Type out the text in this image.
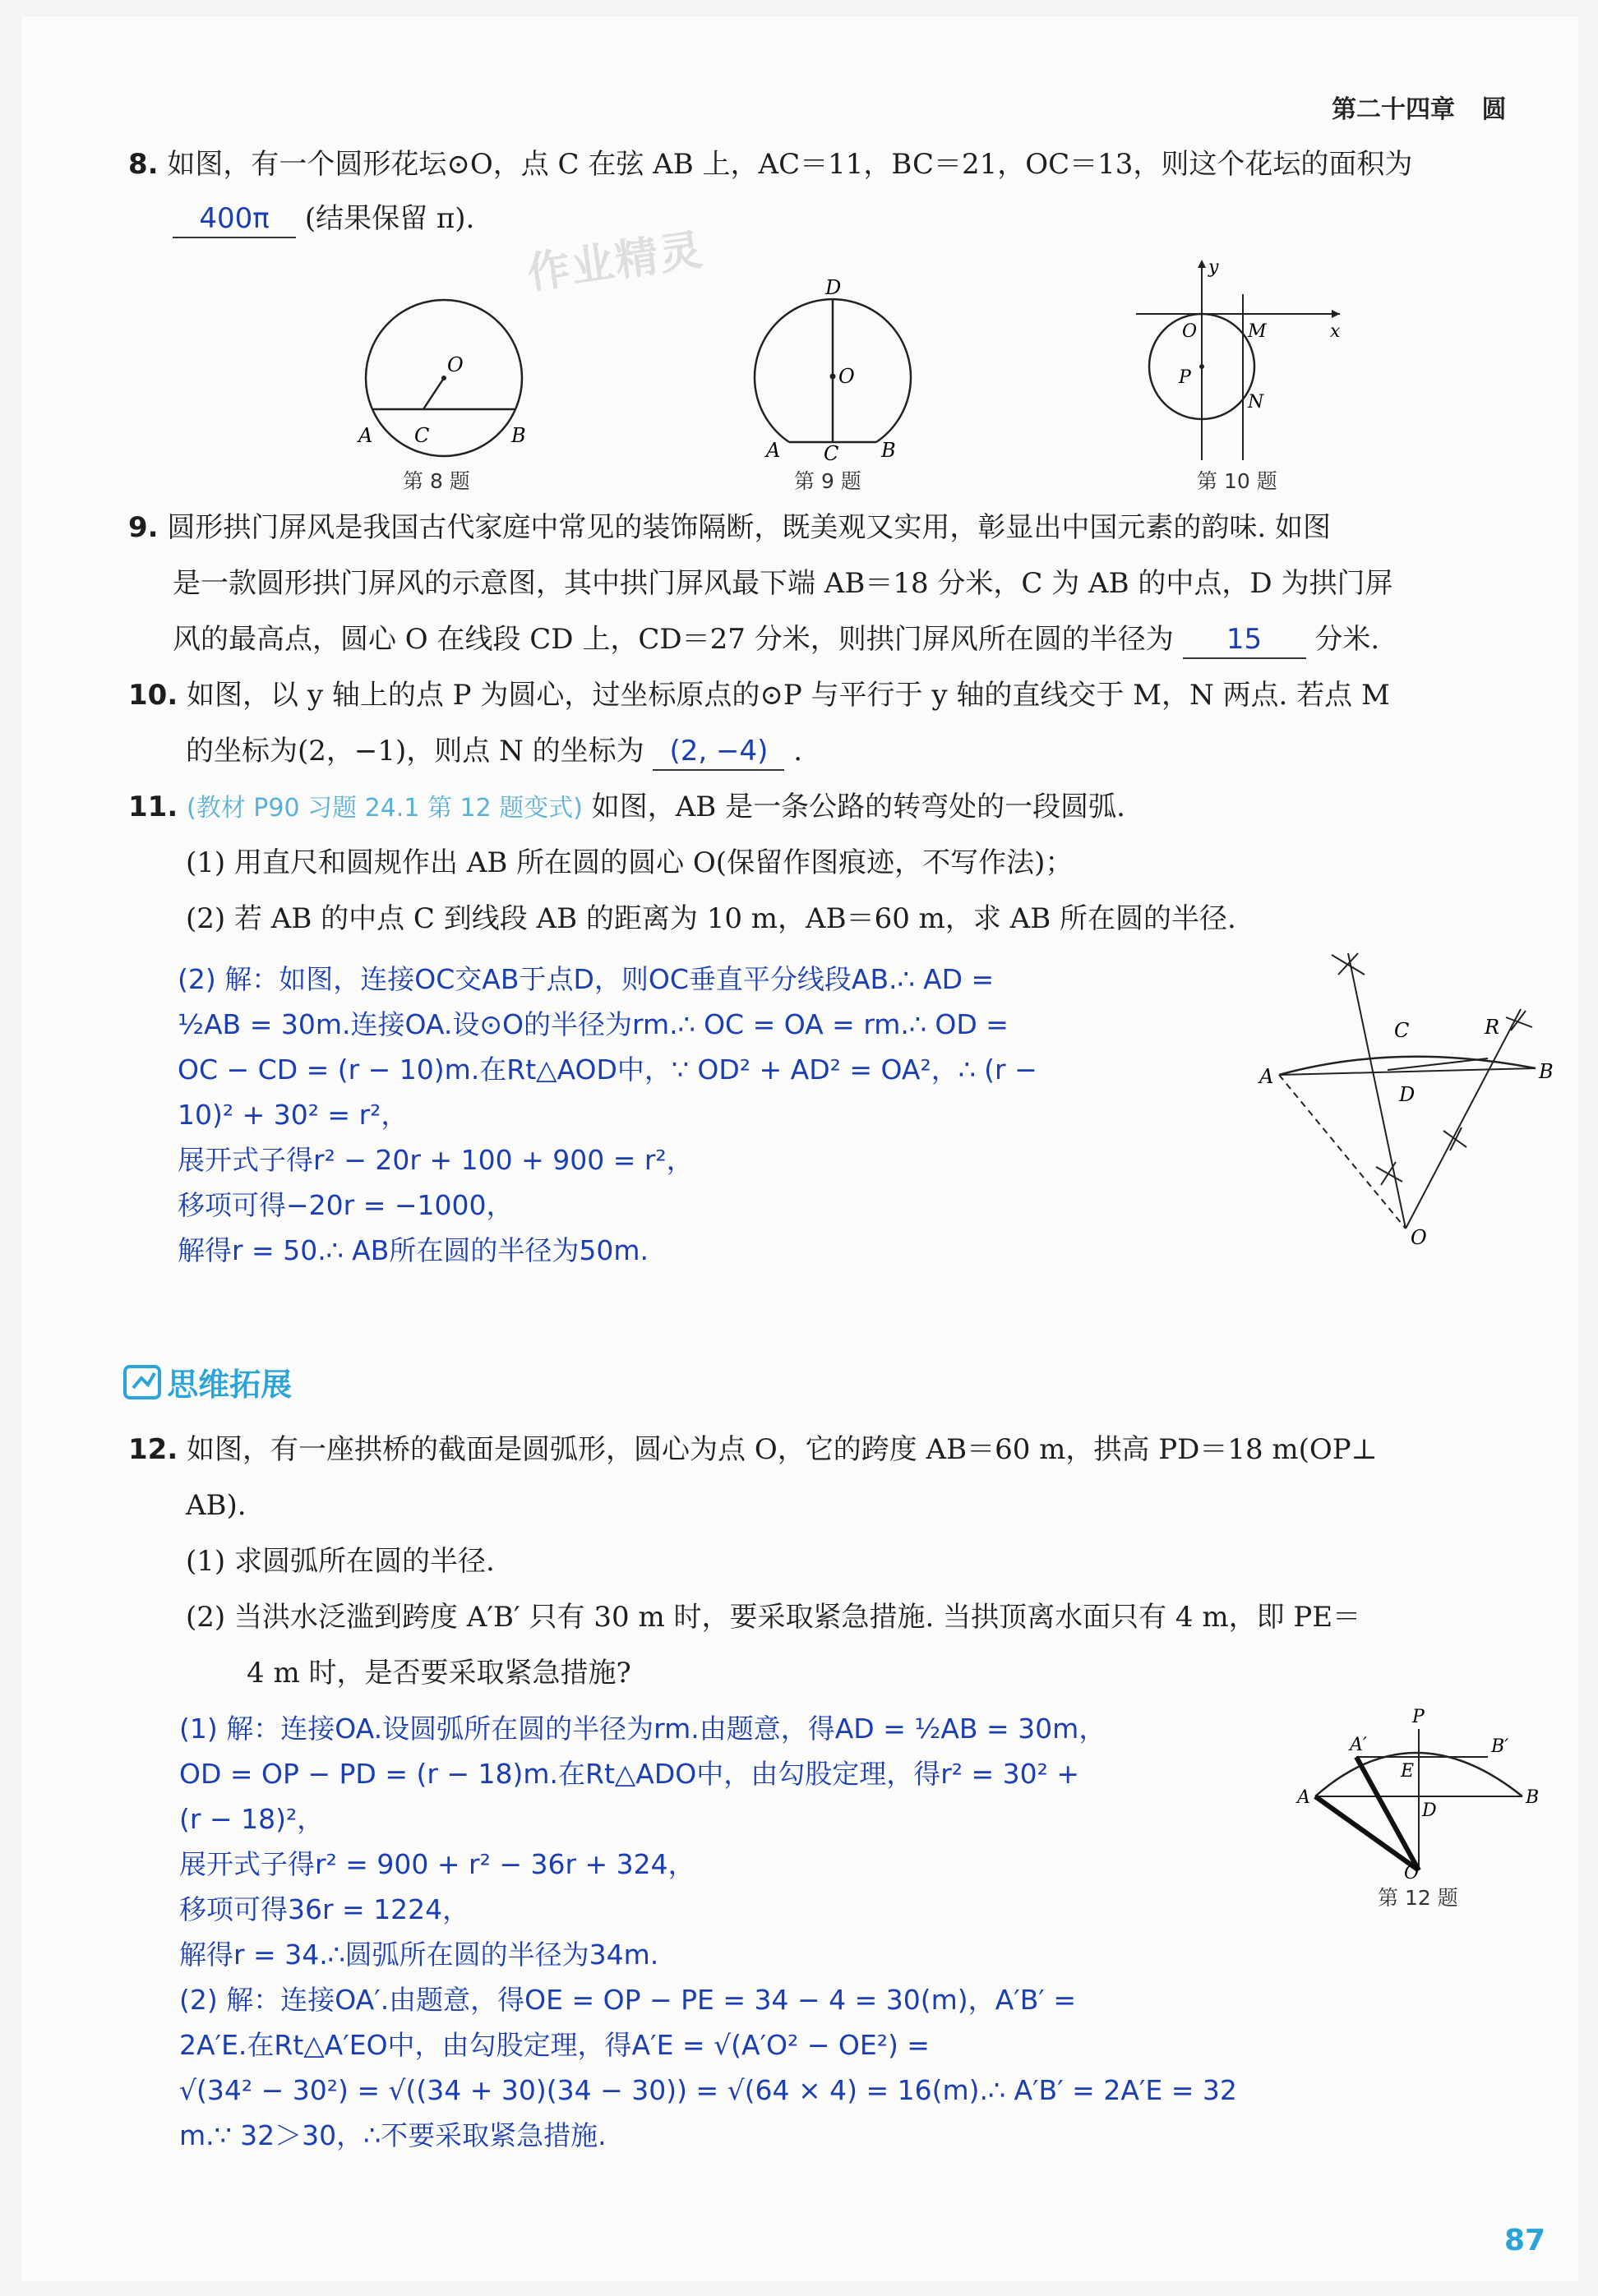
第二十四章 圆
作业精灵
8. 如图，有一个圆形花坛⊙O，点 C 在弦 AB 上，AC＝11，BC＝21，OC＝13，则这个花坛的面积为
400π (结果保留 π).
O
A	B
C
第 8 题
D
O
A	B
C
第 9 题
y
x
O	M
P
N
第 10 题
9. 圆形拱门屏风是我国古代家庭中常见的装饰隔断，既美观又实用，彰显出中国元素的韵味. 如图
是一款圆形拱门屏风的示意图，其中拱门屏风最下端 AB＝18 分米，C 为 AB 的中点，D 为拱门屏
风的最高点，圆心 O 在线段 CD 上，CD＝27 分米，则拱门屏风所在圆的半径为 15 分米.
10. 如图，以 y 轴上的点 P 为圆心，过坐标原点的⊙P 与平行于 y 轴的直线交于 M，N 两点. 若点 M
的坐标为(2，−1)，则点 N 的坐标为 (2, −4) .
11. (教材 P90 习题 24.1 第 12 题变式) 如图，AB 是一条公路的转弯处的一段圆弧.
(1) 用直尺和圆规作出 AB 所在圆的圆心 O(保留作图痕迹，不写作法)；
(2) 若 AB 的中点 C 到线段 AB 的距离为 10 m，AB＝60 m，求 AB 所在圆的半径.
(2) 解：如图，连接OC交AB于点D，则OC垂直平分线段AB.∴ AD =
½AB = 30m.连接OA.设⊙O的半径为rm.∴ OC = OA = rm.∴ OD =
OC − CD = (r − 10)m.在Rt△AOD中，∵ OD² + AD² = OA²，∴ (r −
10)² + 30² = r²，
展开式子得r² − 20r + 100 + 900 = r²，
移项可得−20r = −1000，
解得r = 50.∴ AB所在圆的半径为50m.
A	B
C	R
D
O
思维拓展
12. 如图，有一座拱桥的截面是圆弧形，圆心为点 O，它的跨度 AB＝60 m，拱高 PD＝18 m(OP⊥
AB).
(1) 求圆弧所在圆的半径.
(2) 当洪水泛滥到跨度 A′B′ 只有 30 m 时，要采取紧急措施. 当拱顶离水面只有 4 m，即 PE＝
4 m 时，是否要采取紧急措施?
(1) 解：连接OA.设圆弧所在圆的半径为rm.由题意，得AD = ½AB = 30m，
OD = OP − PD = (r − 18)m.在Rt△ADO中，由勾股定理，得r² = 30² +
(r − 18)²，
展开式子得r² = 900 + r² − 36r + 324，
移项可得36r = 1224，
解得r = 34.∴圆弧所在圆的半径为34m.
(2) 解：连接OA′.由题意，得OE = OP − PE = 34 − 4 = 30(m)，A′B′ =
2A′E.在Rt△A′EO中，由勾股定理，得A′E = √(A′O² − OE²) =
√(34² − 30²) = √((34 + 30)(34 − 30)) = √(64 × 4) = 16(m).∴ A′B′ = 2A′E = 32
m.∵ 32＞30，∴不要采取紧急措施.
P
A′	B′
E
A	B
D
O
第 12 题
87
